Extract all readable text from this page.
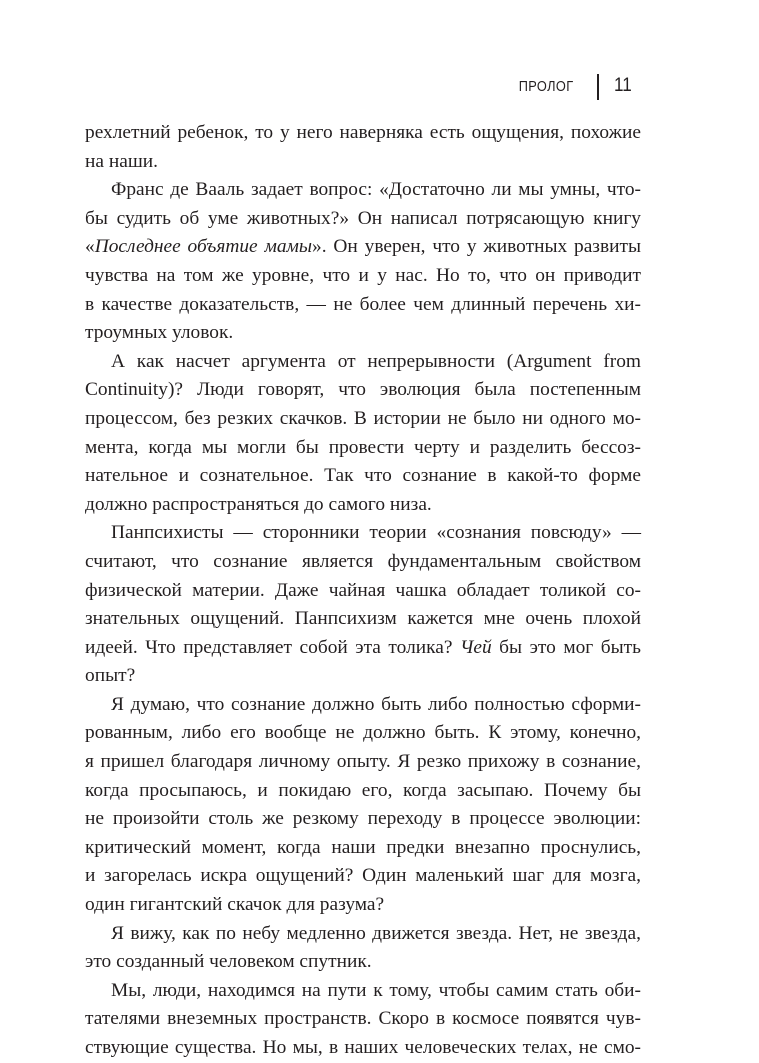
ПРОЛОГ 11
рехлетний ребенок, то у него наверняка есть ощущения, похожие
на наши.
Франс де Вааль задает вопрос: «Достаточно ли мы умны, что-
бы судить об уме животных?» Он написал потрясающую книгу
«Последнее объятие мамы». Он уверен, что у животных развиты
чувства на том же уровне, что и у нас. Но то, что он приводит
в качестве доказательств, — не более чем длинный перечень хи-
троумных уловок.
А как насчет аргумента от непрерывности (Argument from
Continuity)? Люди говорят, что эволюция была постепенным
процессом, без резких скачков. В истории не было ни одного мо-
мента, когда мы могли бы провести черту и разделить бессоз-
нательное и сознательное. Так что сознание в какой-то форме
должно распространяться до самого низа.
Панпсихисты — сторонники теории «сознания повсюду» —
считают, что сознание является фундаментальным свойством
физической материи. Даже чайная чашка обладает толикой со-
знательных ощущений. Панпсихизм кажется мне очень плохой
идеей. Что представляет собой эта толика? Чей бы это мог быть
опыт?
Я думаю, что сознание должно быть либо полностью сформи-
рованным, либо его вообще не должно быть. К этому, конечно,
я пришел благодаря личному опыту. Я резко прихожу в сознание,
когда просыпаюсь, и покидаю его, когда засыпаю. Почему бы
не произойти столь же резкому переходу в процессе эволюции:
критический момент, когда наши предки внезапно проснулись,
и загорелась искра ощущений? Один маленький шаг для мозга,
один гигантский скачок для разума?
Я вижу, как по небу медленно движется звезда. Нет, не звезда,
это созданный человеком спутник.
Мы, люди, находимся на пути к тому, чтобы самим стать оби-
тателями внеземных пространств. Скоро в космосе появятся чув-
ствующие существа. Но мы, в наших человеческих телах, не смо-
